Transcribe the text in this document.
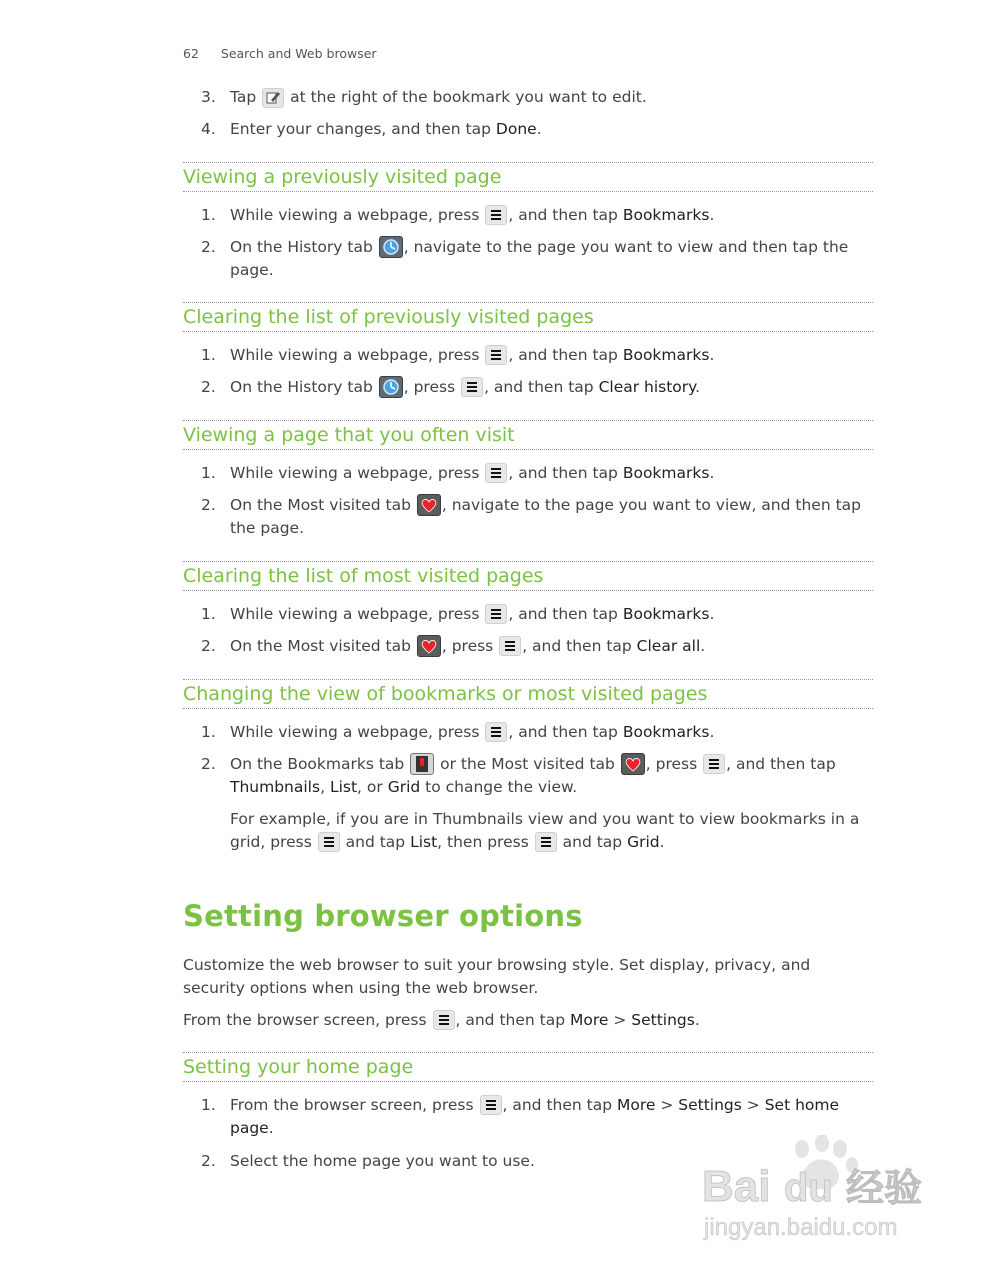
62 Search and Web browser
3. Tap  at the right of the bookmark you want to edit.
4. Enter your changes, and then tap Done.
Viewing a previously visited page
1. While viewing a webpage, press
, and then tap Bookmarks.
2. On the History tab , navigate to the page you want to view and then tap the page.
Clearing the list of previously visited pages
1. While viewing a webpage, press
, and then tap Bookmarks.
2. On the History tab , press
, and then tap Clear history.
Viewing a page that you often visit
1. While viewing a webpage, press
, and then tap Bookmarks.
2. On the Most visited tab , navigate to the page you want to view, and then tap the page.
Clearing the list of most visited pages
1. While viewing a webpage, press
, and then tap Bookmarks.
2. On the Most visited tab , press
, and then tap Clear all.
Changing the view of bookmarks or most visited pages
1. While viewing a webpage, press
, and then tap Bookmarks.
2. On the Bookmarks tab  or the Most visited tab , press
, and then tap Thumbnails, List, or Grid to change the view.
For example, if you are in Thumbnails view and you want to view bookmarks in a grid, press
and tap List, then press
and tap Grid.
Setting browser options
Customize the web browser to suit your browsing style. Set display, privacy, and security options when using the web browser.
From the browser screen, press
, and then tap More > Settings.
Setting your home page
1. From the browser screen, press
, and then tap More > Settings > Set home page.
2. Select the home page you want to use.
Bai du 经验
jingyan.baidu.com
